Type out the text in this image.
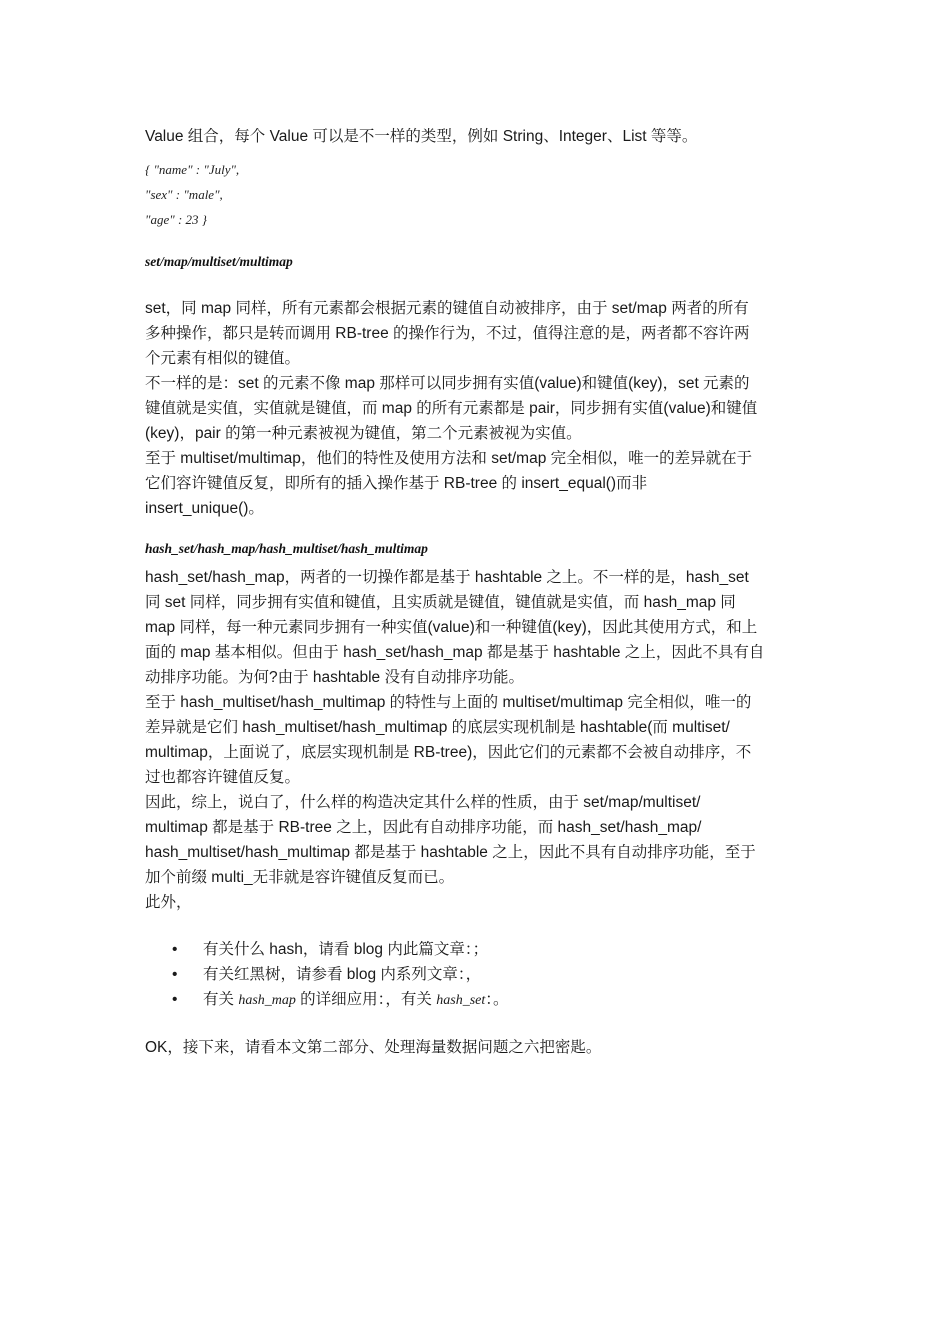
Value 组合，每个 Value 可以是不一样的类型，例如 String、Integer、List 等等。

{ "name" : "July",

"sex" : "male",

"age" : 23 }

set/map/multiset/multimap

set，同 map 同样，所有元素都会根据元素的键值自动被排序，由于 set/map 两者的所有

多种操作，都只是转而调用 RB-tree 的操作行为，不过，值得注意的是，两者都不容许两

个元素有相似的键值。

不一样的是：set 的元素不像 map 那样可以同步拥有实值(value)和键值(key)，set 元素的

键值就是实值，实值就是键值，而 map 的所有元素都是 pair，同步拥有实值(value)和键值

(key)，pair 的第一种元素被视为键值，第二个元素被视为实值。

至于 multiset/multimap，他们的特性及使用方法和 set/map 完全相似，唯一的差异就在于

它们容许键值反复，即所有的插入操作基于 RB-tree 的 insert_equal()而非

insert_unique()。

hash_set/hash_map/hash_multiset/hash_multimap

hash_set/hash_map，两者的一切操作都是基于 hashtable 之上。不一样的是，hash_set

同 set 同样，同步拥有实值和键值，且实质就是键值，键值就是实值，而 hash_map 同

map 同样，每一种元素同步拥有一种实值(value)和一种键值(key)，因此其使用方式，和上

面的 map 基本相似。但由于 hash_set/hash_map 都是基于 hashtable 之上，因此不具有自

动排序功能。为何?由于 hashtable 没有自动排序功能。

至于 hash_multiset/hash_multimap 的特性与上面的 multiset/multimap 完全相似，唯一的

差异就是它们 hash_multiset/hash_multimap 的底层实现机制是 hashtable(而 multiset/

multimap，上面说了，底层实现机制是 RB-tree)，因此它们的元素都不会被自动排序，不

过也都容许键值反复。

因此，综上，说白了，什么样的构造决定其什么样的性质，由于 set/map/multiset/

multimap 都是基于 RB-tree 之上，因此有自动排序功能，而 hash_set/hash_map/

hash_multiset/hash_multimap 都是基于 hashtable 之上，因此不具有自动排序功能，至于

加个前缀 multi_无非就是容许键值反复而已。

此外，

• 有关什么 hash，请看 blog 内此篇文章：；
• 有关红黑树，请参看 blog 内系列文章：，
• 有关 hash_map 的详细应用：，有关 hash_set：。

OK，接下来，请看本文第二部分、处理海量数据问题之六把密匙。
